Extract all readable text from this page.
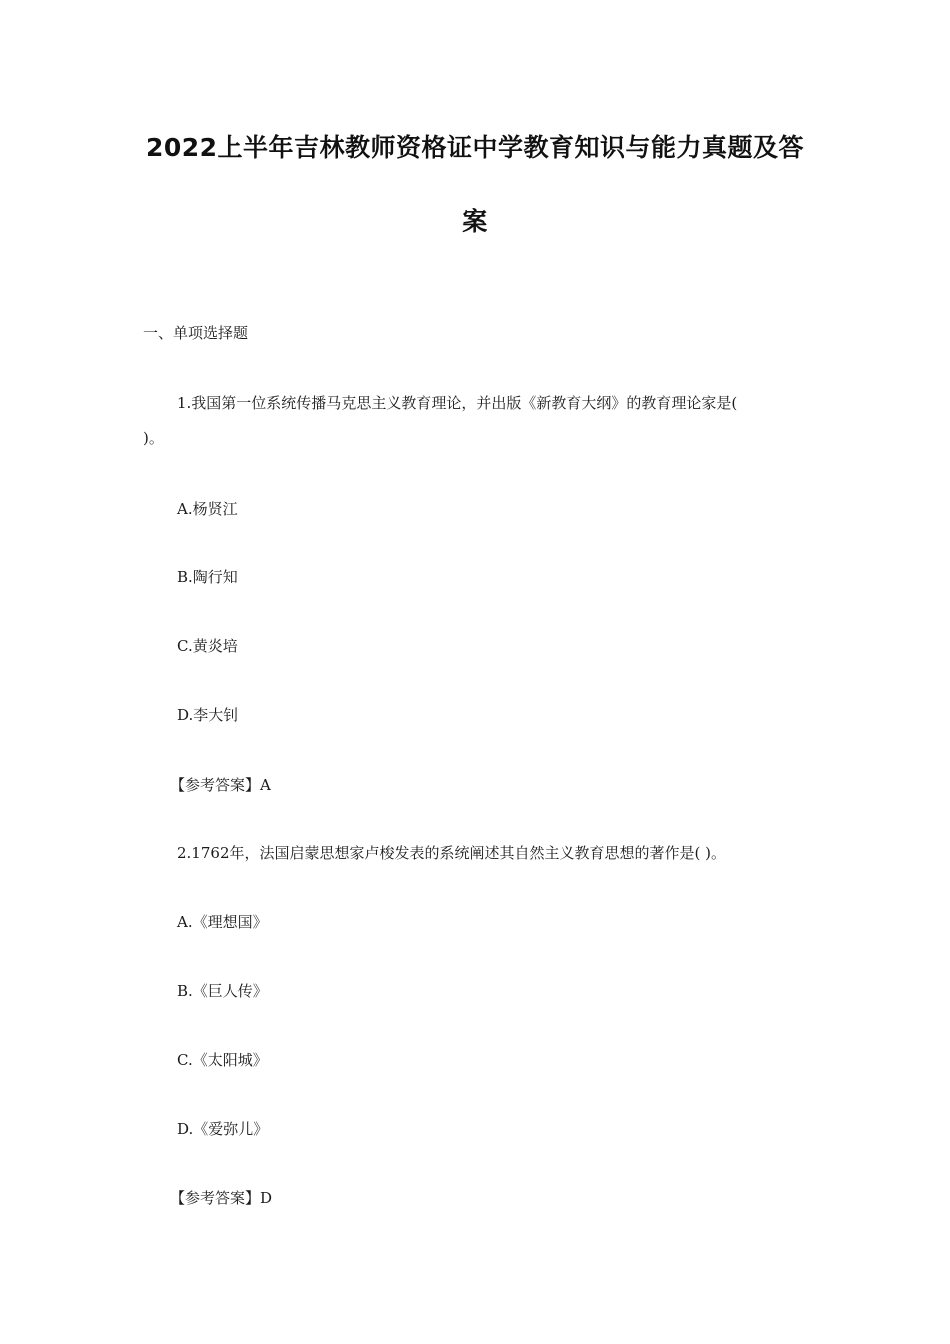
2022上半年吉林教师资格证中学教育知识与能力真题及答
案
一、单项选择题
1.我国第一位系统传播马克思主义教育理论，并出版《新教育大纲》的教育理论家是(
)。
A.杨贤江
B.陶行知
C.黄炎培
D.李大钊
【参考答案】A
2.1762年，法国启蒙思想家卢梭发表的系统阐述其自然主义教育思想的著作是( )。
A.《理想国》
B.《巨人传》
C.《太阳城》
D.《爱弥儿》
【参考答案】D
